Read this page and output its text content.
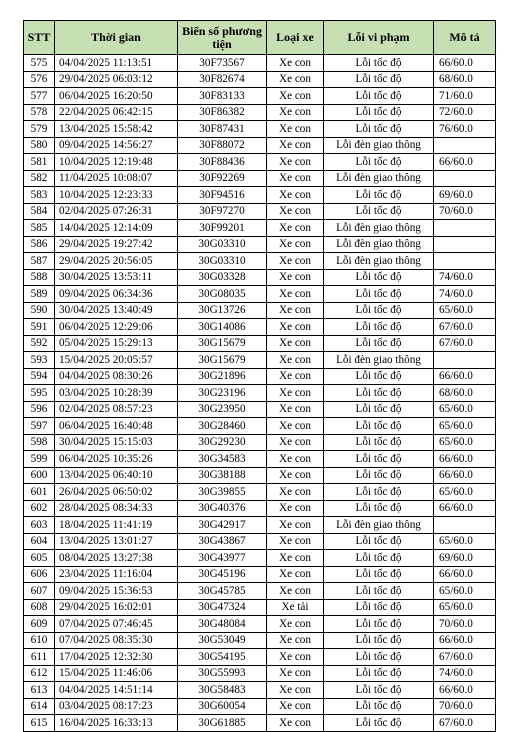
STT	Thời gian	Biển số phương tiện	Loại xe	Lỗi vi phạm	Mô tả
575	04/04/2025 11:13:51	30F73567	Xe con	Lỗi tốc độ	66/60.0
576	29/04/2025 06:03:12	30F82674	Xe con	Lỗi tốc độ	68/60.0
577	06/04/2025 16:20:50	30F83133	Xe con	Lỗi tốc độ	71/60.0
578	22/04/2025 06:42:15	30F86382	Xe con	Lỗi tốc độ	72/60.0
579	13/04/2025 15:58:42	30F87431	Xe con	Lỗi tốc độ	76/60.0
580	09/04/2025 14:56:27	30F88072	Xe con	Lỗi đèn giao thông	
581	10/04/2025 12:19:48	30F88436	Xe con	Lỗi tốc độ	66/60.0
582	11/04/2025 10:08:07	30F92269	Xe con	Lỗi đèn giao thông	
583	10/04/2025 12:23:33	30F94516	Xe con	Lỗi tốc độ	69/60.0
584	02/04/2025 07:26:31	30F97270	Xe con	Lỗi tốc độ	70/60.0
585	14/04/2025 12:14:09	30F99201	Xe con	Lỗi đèn giao thông	
586	29/04/2025 19:27:42	30G03310	Xe con	Lỗi đèn giao thông	
587	29/04/2025 20:56:05	30G03310	Xe con	Lỗi đèn giao thông	
588	30/04/2025 13:53:11	30G03328	Xe con	Lỗi tốc độ	74/60.0
589	09/04/2025 06:34:36	30G08035	Xe con	Lỗi tốc độ	74/60.0
590	30/04/2025 13:40:49	30G13726	Xe con	Lỗi tốc độ	65/60.0
591	06/04/2025 12:29:06	30G14086	Xe con	Lỗi tốc độ	67/60.0
592	05/04/2025 15:29:13	30G15679	Xe con	Lỗi tốc độ	67/60.0
593	15/04/2025 20:05:57	30G15679	Xe con	Lỗi đèn giao thông	
594	04/04/2025 08:30:26	30G21896	Xe con	Lỗi tốc độ	66/60.0
595	03/04/2025 10:28:39	30G23196	Xe con	Lỗi tốc độ	68/60.0
596	02/04/2025 08:57:23	30G23950	Xe con	Lỗi tốc độ	65/60.0
597	06/04/2025 16:40:48	30G28460	Xe con	Lỗi tốc độ	65/60.0
598	30/04/2025 15:15:03	30G29230	Xe con	Lỗi tốc độ	65/60.0
599	06/04/2025 10:35:26	30G34583	Xe con	Lỗi tốc độ	66/60.0
600	13/04/2025 06:40:10	30G38188	Xe con	Lỗi tốc độ	66/60.0
601	26/04/2025 06:50:02	30G39855	Xe con	Lỗi tốc độ	65/60.0
602	28/04/2025 08:34:33	30G40376	Xe con	Lỗi tốc độ	66/60.0
603	18/04/2025 11:41:19	30G42917	Xe con	Lỗi đèn giao thông	
604	13/04/2025 13:01:27	30G43867	Xe con	Lỗi tốc độ	65/60.0
605	08/04/2025 13:27:38	30G43977	Xe con	Lỗi tốc độ	69/60.0
606	23/04/2025 11:16:04	30G45196	Xe con	Lỗi tốc độ	66/60.0
607	09/04/2025 15:36:53	30G45785	Xe con	Lỗi tốc độ	65/60.0
608	29/04/2025 16:02:01	30G47324	Xe tải	Lỗi tốc độ	65/60.0
609	07/04/2025 07:46:45	30G48084	Xe con	Lỗi tốc độ	70/60.0
610	07/04/2025 08:35:30	30G53049	Xe con	Lỗi tốc độ	66/60.0
611	17/04/2025 12:32:30	30G54195	Xe con	Lỗi tốc độ	67/60.0
612	15/04/2025 11:46:06	30G55993	Xe con	Lỗi tốc độ	74/60.0
613	04/04/2025 14:51:14	30G58483	Xe con	Lỗi tốc độ	66/60.0
614	03/04/2025 08:17:23	30G60054	Xe con	Lỗi tốc độ	70/60.0
615	16/04/2025 16:33:13	30G61885	Xe con	Lỗi tốc độ	67/60.0
